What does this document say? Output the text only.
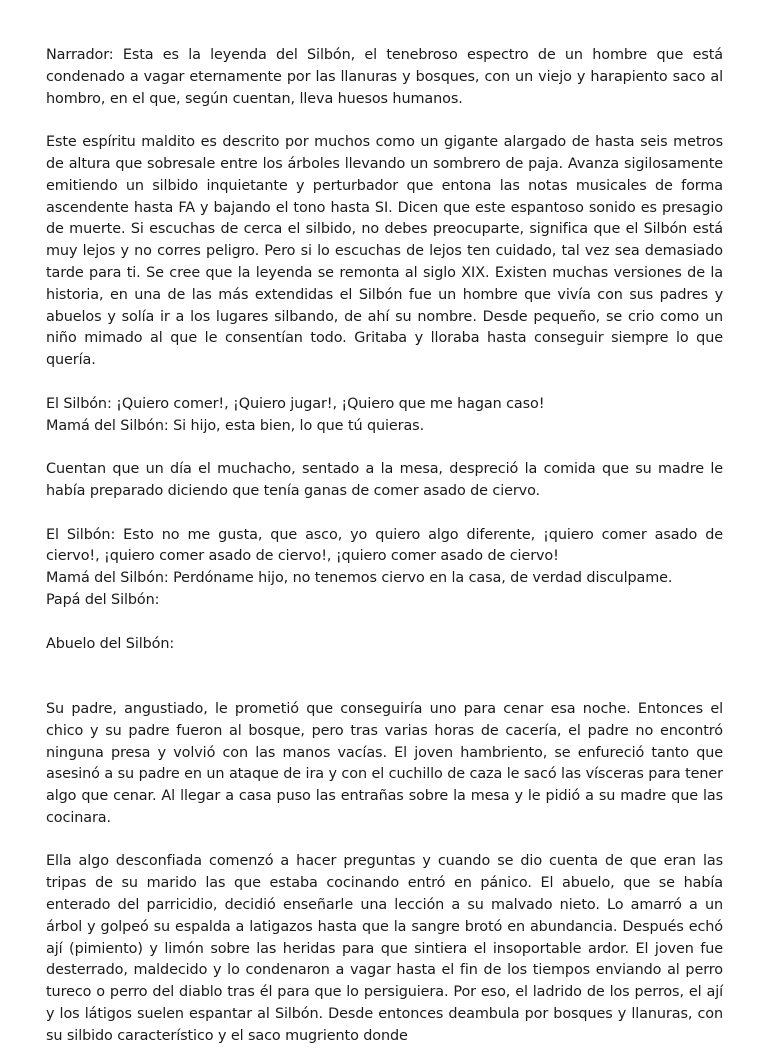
Narrador: Esta es la leyenda del Silbón, el tenebroso espectro de un hombre que está condenado a vagar eternamente por las llanuras y bosques, con un viejo y harapiento saco al hombro, en el que, según cuentan, lleva huesos humanos.

Este espíritu maldito es descrito por muchos como un gigante alargado de hasta seis metros de altura que sobresale entre los árboles llevando un sombrero de paja. Avanza sigilosamente emitiendo un silbido inquietante y perturbador que entona las notas musicales de forma ascendente hasta FA y bajando el tono hasta SI. Dicen que este espantoso sonido es presagio de muerte. Si escuchas de cerca el silbido, no debes preocuparte, significa que el Silbón está muy lejos y no corres peligro. Pero si lo escuchas de lejos ten cuidado, tal vez sea demasiado tarde para ti. Se cree que la leyenda se remonta al siglo XIX. Existen muchas versiones de la historia, en una de las más extendidas el Silbón fue un hombre que vivía con sus padres y abuelos y solía ir a los lugares silbando, de ahí su nombre. Desde pequeño, se crio como un niño mimado al que le consentían todo. Gritaba y lloraba hasta conseguir siempre lo que quería.

El Silbón: ¡Quiero comer!, ¡Quiero jugar!, ¡Quiero que me hagan caso!

Mamá del Silbón: Si hijo, esta bien, lo que tú quieras.

Cuentan que un día el muchacho, sentado a la mesa, despreció la comida que su madre le había preparado diciendo que tenía ganas de comer asado de ciervo.

El Silbón: Esto no me gusta, que asco, yo quiero algo diferente, ¡quiero comer asado de ciervo!, ¡quiero comer asado de ciervo!, ¡quiero comer asado de ciervo!

Mamá del Silbón: Perdóname hijo, no tenemos ciervo en la casa, de verdad disculpame.

Papá del Silbón:

Abuelo del Silbón:

Su padre, angustiado, le prometió que conseguiría uno para cenar esa noche. Entonces el chico y su padre fueron al bosque, pero tras varias horas de cacería, el padre no encontró ninguna presa y volvió con las manos vacías. El joven hambriento, se enfureció tanto que asesinó a su padre en un ataque de ira y con el cuchillo de caza le sacó las vísceras para tener algo que cenar. Al llegar a casa puso las entrañas sobre la mesa y le pidió a su madre que las cocinara.

Ella algo desconfiada comenzó a hacer preguntas y cuando se dio cuenta de que eran las tripas de su marido las que estaba cocinando entró en pánico. El abuelo, que se había enterado del parricidio, decidió enseñarle una lección a su malvado nieto. Lo amarró a un árbol y golpeó su espalda a latigazos hasta que la sangre brotó en abundancia. Después echó ají (pimiento) y limón sobre las heridas para que sintiera el insoportable ardor. El joven fue desterrado, maldecido y lo condenaron a vagar hasta el fin de los tiempos enviando al perro tureco o perro del diablo tras él para que lo persiguiera. Por eso, el ladrido de los perros, el ají y los látigos suelen espantar al Silbón. Desde entonces deambula por bosques y llanuras, con su silbido característico y el saco mugriento donde
